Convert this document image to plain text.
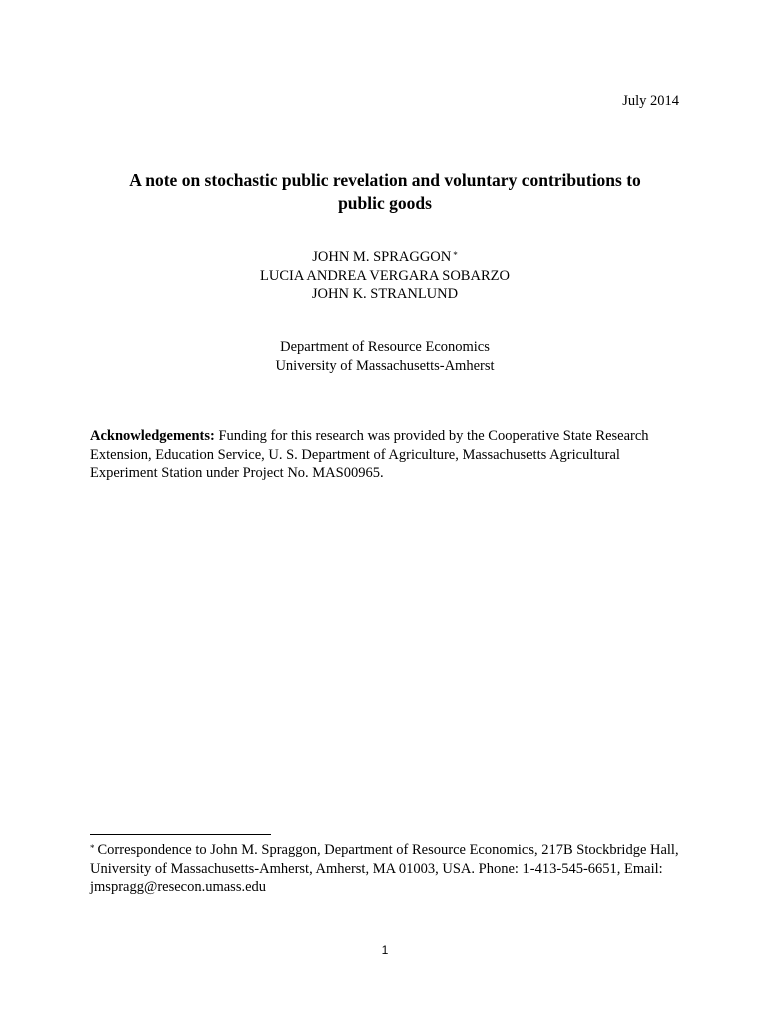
July 2014
A note on stochastic public revelation and voluntary contributions to
public goods
JOHN M. SPRAGGON *
LUCIA ANDREA VERGARA SOBARZO
JOHN K. STRANLUND
Department of Resource Economics
University of Massachusetts-Amherst
Acknowledgements: Funding for this research was provided by the Cooperative State Research Extension, Education Service, U. S. Department of Agriculture, Massachusetts Agricultural Experiment Station under Project No. MAS00965.
* Correspondence to John M. Spraggon, Department of Resource Economics, 217B Stockbridge Hall, University of Massachusetts-Amherst, Amherst, MA 01003, USA. Phone: 1-413-545-6651, Email: jmspragg@resecon.umass.edu
1
